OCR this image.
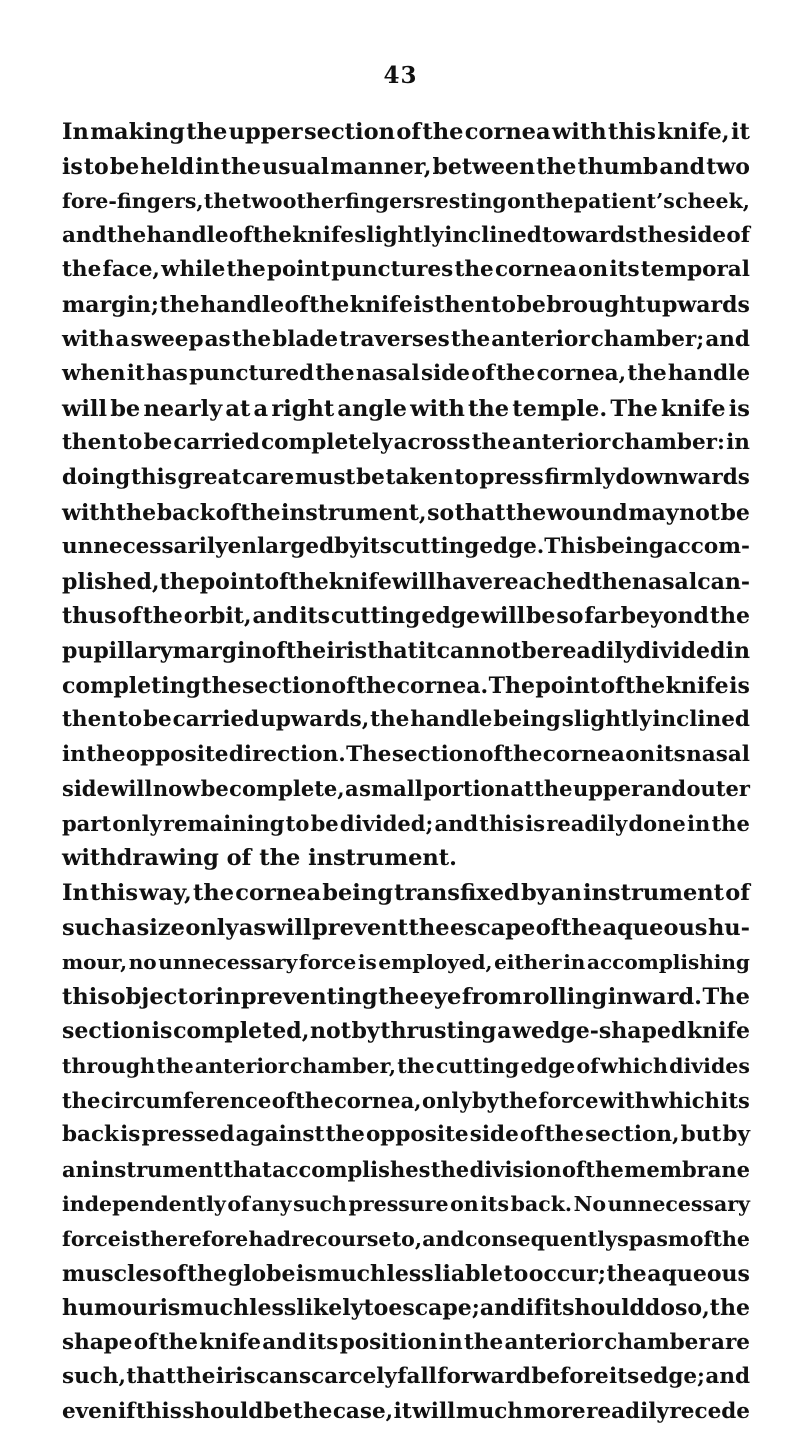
43
In making the upper section of the cornea with this knife, it
is to be held in the usual manner, between the thumb and two
fore-fingers, the two other fingers resting on the patient’s cheek,
and the handle of the knife slightly inclined towards the side of
the face, while the point punctures the cornea on its temporal
margin; the handle of the knife is then to be brought upwards
with a sweep as the blade traverses the anterior chamber; and
when it has punctured the nasal side of the cornea, the handle
will be nearly at a right angle with the temple. The knife is
then to be carried completely across the anterior chamber: in
doing this great care must be taken to press firmly downwards
with the back of the instrument, so that the wound may not be
unnecessarily enlarged by its cutting edge. This being accom-
plished, the point of the knife will have reached the nasal can-
thus of the orbit, and its cutting edge will be so far beyond the
pupillary margin of the iris that it cannot be readily divided in
completing the section of the cornea. The point of the knife is
then to be carried upwards, the handle being slightly inclined
in the opposite direction. The section of the cornea on its nasal
side will now be complete, a small portion at the upper and outer
part only remaining to be divided; and this is readily done in the
withdrawing of the instrument.
In this way, the cornea being transfixed by an instrument of
such a size only as will prevent the escape of the aqueous hu-
mour, no unnecessary force is employed, either in accomplishing
this object or in preventing the eye from rolling inward. The
section is completed, not by thrusting a wedge-shaped knife
through the anterior chamber, the cutting edge of which divides
the circumference of the cornea, only by the force with which its
back is pressed against the opposite side of the section, but by
an instrument that accomplishes the division of the membrane
independently of any such pressure on its back. No unnecessary
force is therefore had recourse to, and consequently spasm of the
muscles of the globe is much less liable to occur; the aqueous
humour is much less likely to escape; and if it should do so, the
shape of the knife and its position in the anterior chamber are
such, that the iris can scarcely fall forward before its edge; and
even if this should be the case, it will much more readily recede
